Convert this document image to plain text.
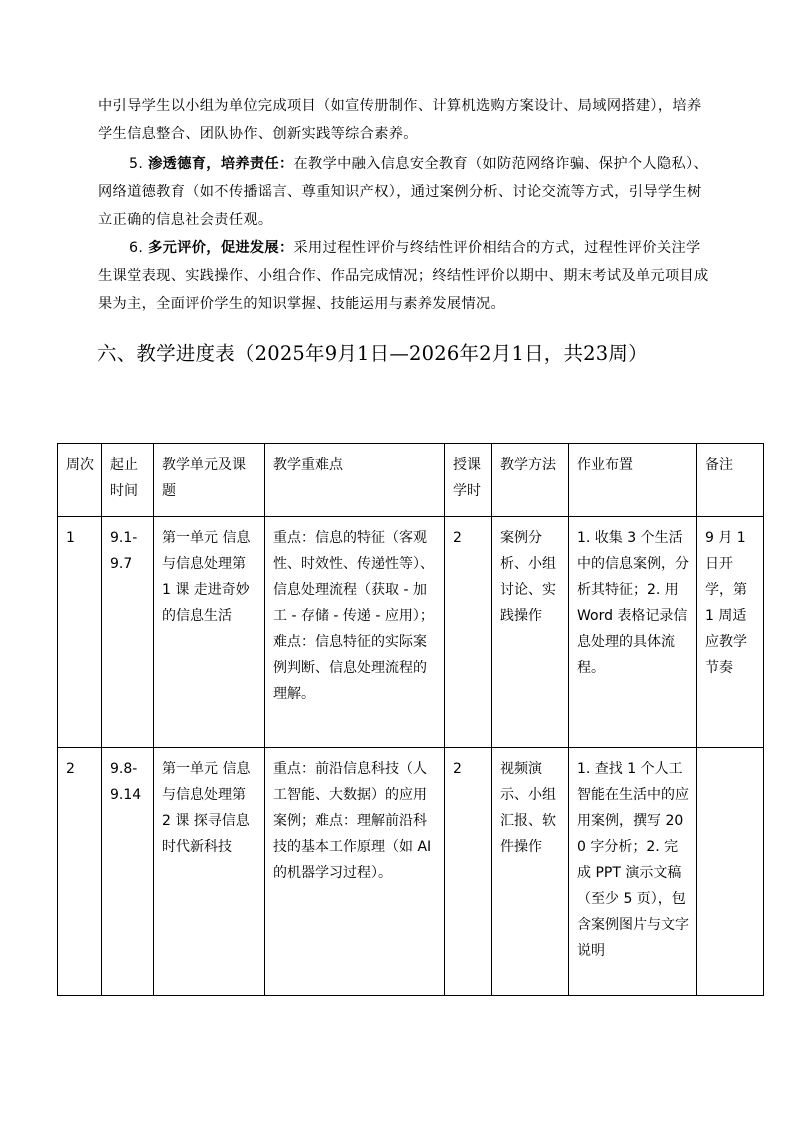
中引导学生以小组为单位完成项目（如宣传册制作、计算机选购方案设计、局域网搭建），培养学生信息整合、团队协作、创新实践等综合素养。
5. 渗透德育，培养责任：在教学中融入信息安全教育（如防范网络诈骗、保护个人隐私）、网络道德教育（如不传播谣言、尊重知识产权），通过案例分析、讨论交流等方式，引导学生树立正确的信息社会责任观。
6. 多元评价，促进发展：采用过程性评价与终结性评价相结合的方式，过程性评价关注学生课堂表现、实践操作、小组合作、作品完成情况；终结性评价以期中、期末考试及单元项目成果为主，全面评价学生的知识掌握、技能运用与素养发展情况。
六、教学进度表（2025年9月1日—2026年2月1日，共23周）
周次	起止时间	教学单元及课题	教学重难点	授课学时	教学方法	作业布置	备注
1	9.1-9.7	第一单元 信息与信息处理第 1 课 走进奇妙的信息生活	重点：信息的特征（客观性、时效性、传递性等）、信息处理流程（获取 - 加工 - 存储 - 传递 - 应用）；难点：信息特征的实际案例判断、信息处理流程的理解。	2	案例分析、小组讨论、实践操作	1. 收集 3 个生活中的信息案例，分析其特征；2. 用 Word 表格记录信息处理的具体流程。	9 月 1 日开学，第 1 周适应教学节奏
2	9.8-9.14	第一单元 信息与信息处理第 2 课 探寻信息时代新科技	重点：前沿信息科技（人工智能、大数据）的应用案例；难点：理解前沿科技的基本工作原理（如 AI 的机器学习过程）。	2	视频演示、小组汇报、软件操作	1. 查找 1 个人工智能在生活中的应用案例，撰写 200 字分析；2. 完成 PPT 演示文稿（至少 5 页），包含案例图片与文字说明	
